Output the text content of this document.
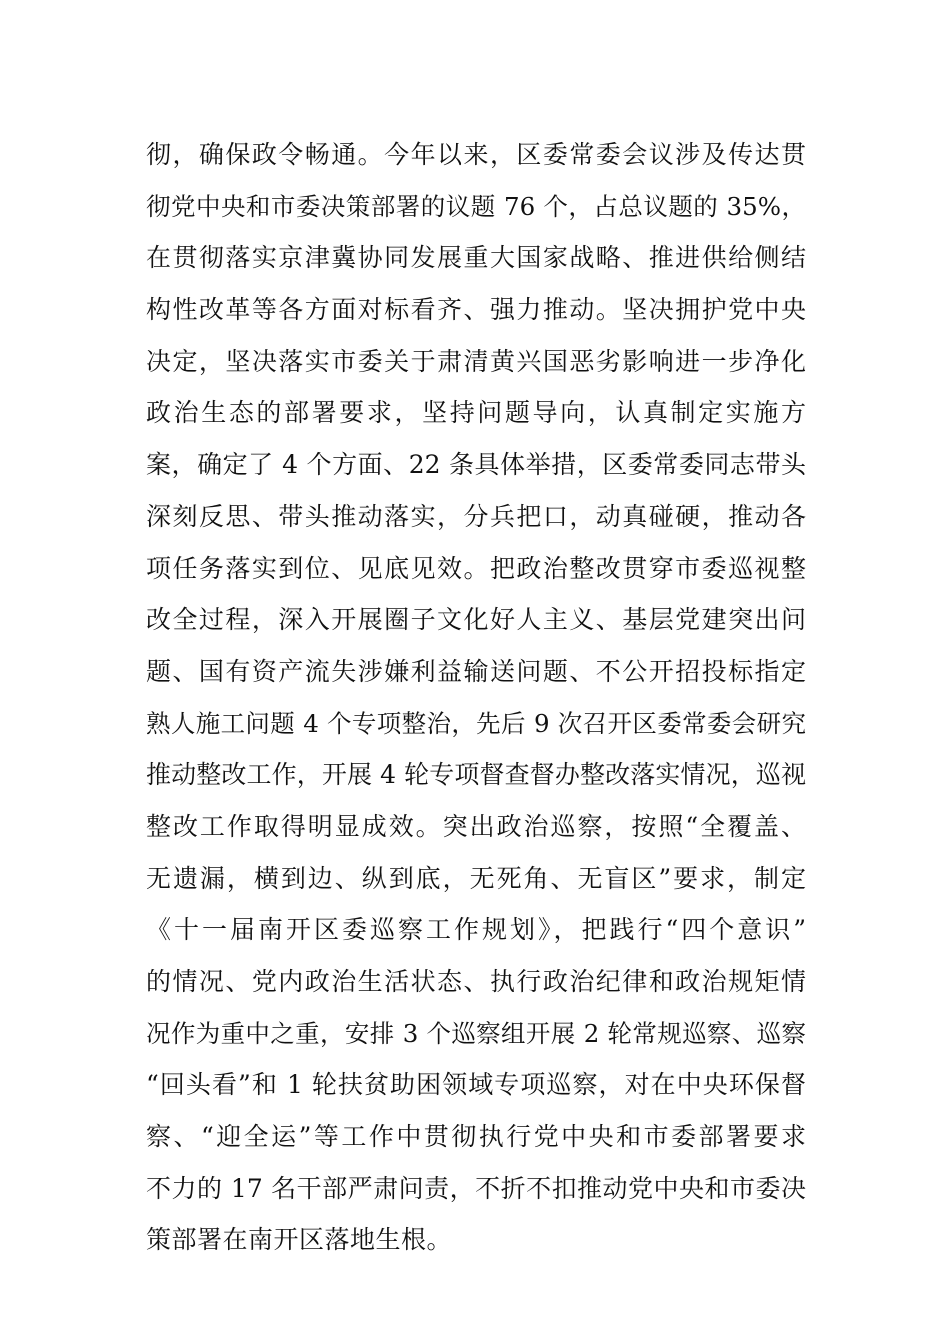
彻，确保政令畅通。今年以来，区委常委会议涉及传达贯
彻党中央和市委决策部署的议题 76 个，占总议题的 35%，
在贯彻落实京津冀协同发展重大国家战略、推进供给侧结
构性改革等各方面对标看齐、强力推动。坚决拥护党中央
决定，坚决落实市委关于肃清黄兴国恶劣影响进一步净化
政治生态的部署要求，坚持问题导向，认真制定实施方
案，确定了 4 个方面、22 条具体举措，区委常委同志带头
深刻反思、带头推动落实，分兵把口，动真碰硬，推动各
项任务落实到位、见底见效。把政治整改贯穿市委巡视整
改全过程，深入开展圈子文化好人主义、基层党建突出问
题、国有资产流失涉嫌利益输送问题、不公开招投标指定
熟人施工问题 4 个专项整治，先后 9 次召开区委常委会研究
推动整改工作，开展 4 轮专项督查督办整改落实情况，巡视
整改工作取得明显成效。突出政治巡察，按照“全覆盖、
无遗漏，横到边、纵到底，无死角、无盲区”要求，制定
《十一届南开区委巡察工作规划》，把践行“四个意识”
的情况、党内政治生活状态、执行政治纪律和政治规矩情
况作为重中之重，安排 3 个巡察组开展 2 轮常规巡察、巡察
“回头看”和 1 轮扶贫助困领域专项巡察，对在中央环保督
察、“迎全运”等工作中贯彻执行党中央和市委部署要求
不力的 17 名干部严肃问责，不折不扣推动党中央和市委决
策部署在南开区落地生根。
